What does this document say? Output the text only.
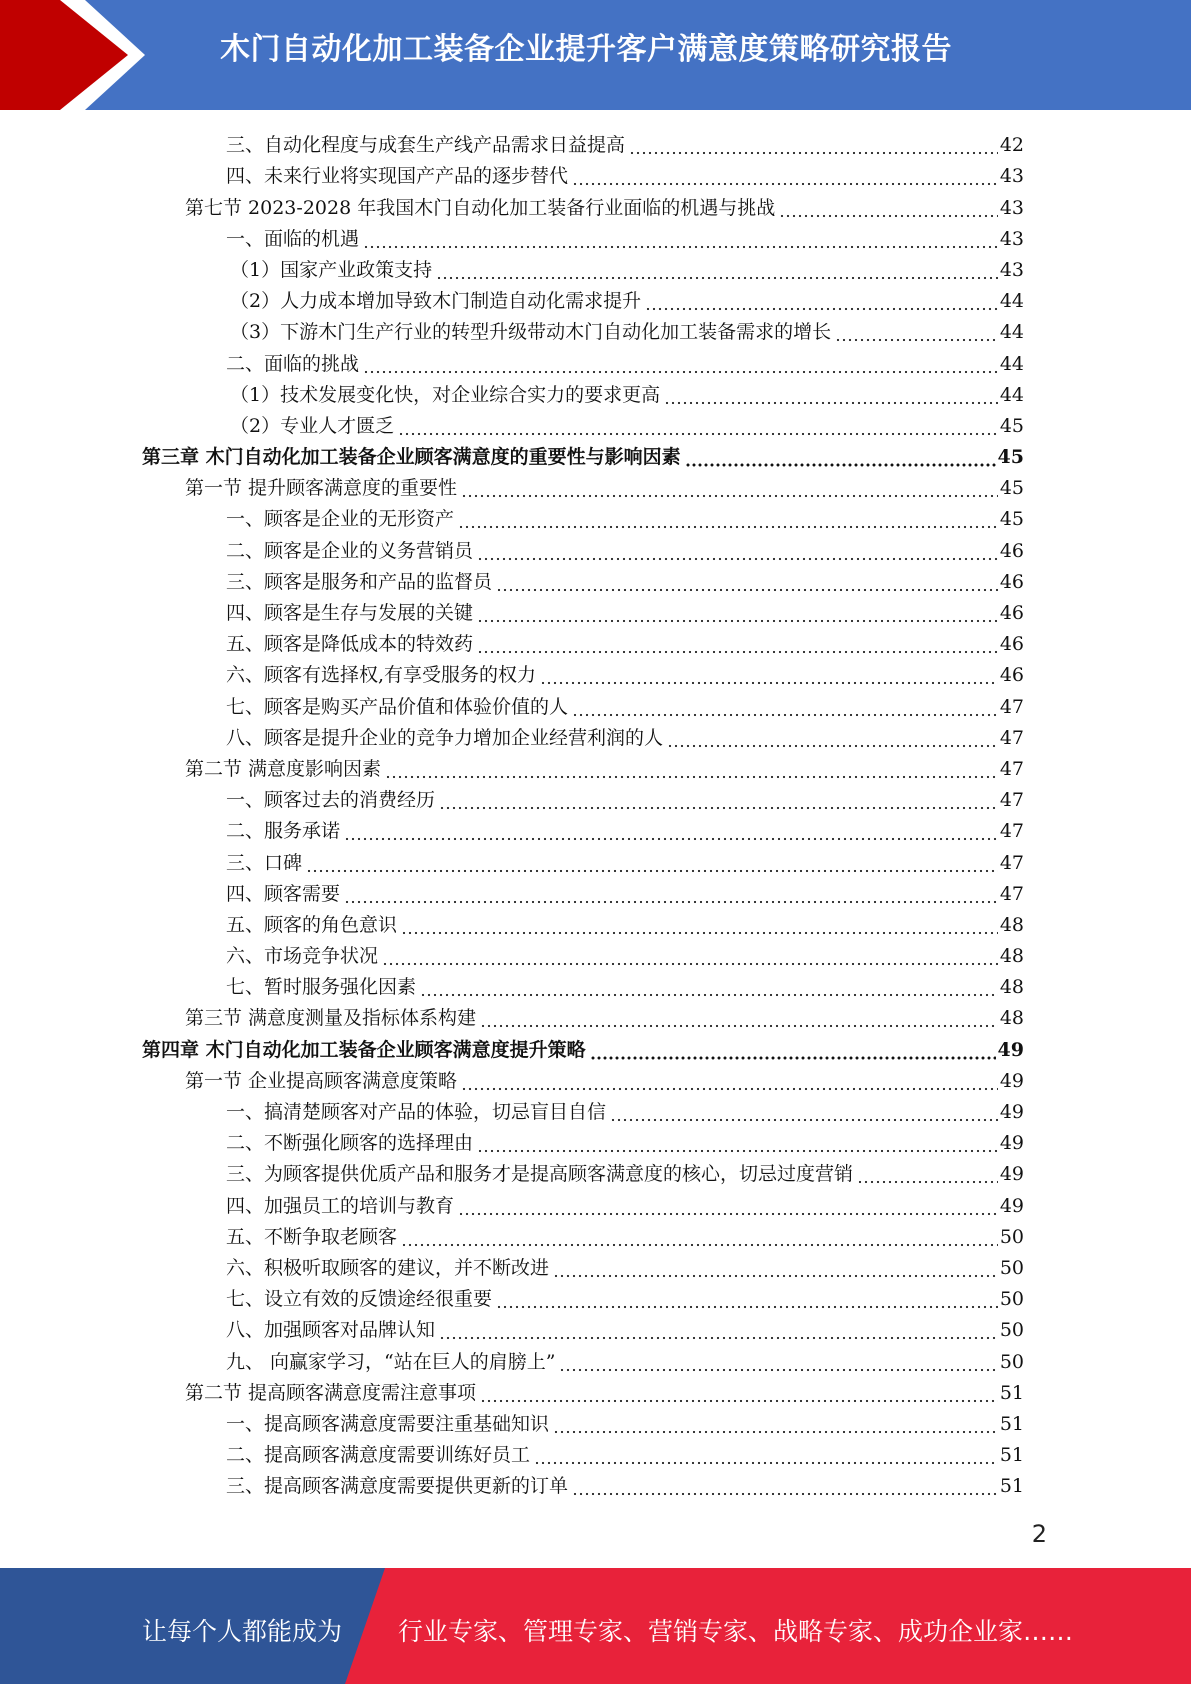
木门自动化加工装备企业提升客户满意度策略研究报告
三、自动化程度与成套生产线产品需求日益提高	42
四、未来行业将实现国产产品的逐步替代	43
第七节 2023-2028 年我国木门自动化加工装备行业面临的机遇与挑战	43
一、面临的机遇	43
（1）国家产业政策支持	43
（2）人力成本增加导致木门制造自动化需求提升	44
（3）下游木门生产行业的转型升级带动木门自动化加工装备需求的增长	44
二、面临的挑战	44
（1）技术发展变化快，对企业综合实力的要求更高	44
（2）专业人才匮乏	45
第三章 木门自动化加工装备企业顾客满意度的重要性与影响因素	45
第一节 提升顾客满意度的重要性	45
一、顾客是企业的无形资产	45
二、顾客是企业的义务营销员	46
三、顾客是服务和产品的监督员	46
四、顾客是生存与发展的关键	46
五、顾客是降低成本的特效药	46
六、顾客有选择权,有享受服务的权力	46
七、顾客是购买产品价值和体验价值的人	47
八、顾客是提升企业的竞争力增加企业经营利润的人	47
第二节 满意度影响因素	47
一、顾客过去的消费经历	47
二、服务承诺	47
三、口碑	47
四、顾客需要	47
五、顾客的角色意识	48
六、市场竞争状况	48
七、暂时服务强化因素	48
第三节 满意度测量及指标体系构建	48
第四章 木门自动化加工装备企业顾客满意度提升策略	49
第一节 企业提高顾客满意度策略	49
一、搞清楚顾客对产品的体验，切忌盲目自信	49
二、不断强化顾客的选择理由	49
三、为顾客提供优质产品和服务才是提高顾客满意度的核心，切忌过度营销	49
四、加强员工的培训与教育	49
五、不断争取老顾客	50
六、积极听取顾客的建议，并不断改进	50
七、设立有效的反馈途经很重要	50
八、加强顾客对品牌认知	50
九、 向赢家学习，“站在巨人的肩膀上”	50
第二节 提高顾客满意度需注意事项	51
一、提高顾客满意度需要注重基础知识	51
二、提高顾客满意度需要训练好员工	51
三、提高顾客满意度需要提供更新的订单	51
2
让每个人都能成为 行业专家、管理专家、营销专家、战略专家、成功企业家……
